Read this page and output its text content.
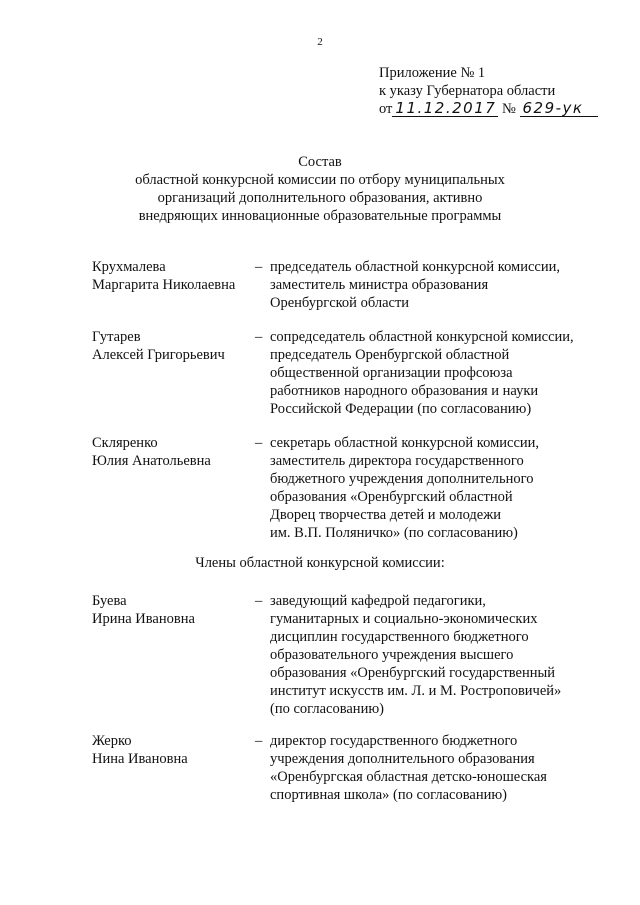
2
Приложение № 1
к указу Губернатора области
от 11.12.2017 № 629-ук
Состав
областной конкурсной комиссии по отбору муниципальных
организаций дополнительного образования, активно
внедряющих инновационные образовательные программы
Крухмалева
Маргарита Николаевна
– председатель областной конкурсной комиссии,
заместитель министра образования
Оренбургской области
Гутарев
Алексей Григорьевич
– сопредседатель областной конкурсной комиссии,
председатель Оренбургской областной
общественной организации профсоюза
работников народного образования и науки
Российской Федерации (по согласованию)
Скляренко
Юлия Анатольевна
– секретарь областной конкурсной комиссии,
заместитель директора государственного
бюджетного учреждения дополнительного
образования «Оренбургский областной
Дворец творчества детей и молодежи
им. В.П. Поляничко» (по согласованию)
Члены областной конкурсной комиссии:
Буева
Ирина Ивановна
– заведующий кафедрой педагогики,
гуманитарных и социально-экономических
дисциплин государственного бюджетного
образовательного учреждения высшего
образования «Оренбургский государственный
институт искусств им. Л. и М. Ростроповичей»
(по согласованию)
Жерко
Нина Ивановна
– директор государственного бюджетного
учреждения дополнительного образования
«Оренбургская областная детско-юношеская
спортивная школа» (по согласованию)
